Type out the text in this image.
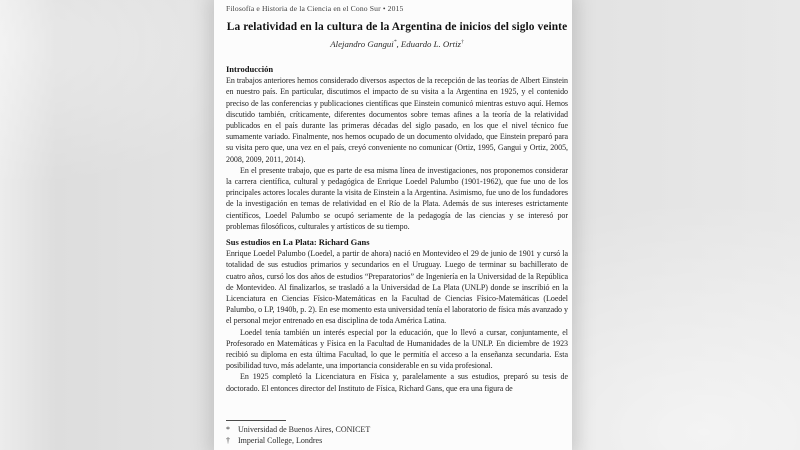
Filosofía e Historia de la Ciencia en el Cono Sur • 2015
La relatividad en la cultura de la Argentina de inicios del siglo veinte
Alejandro Gangui*, Eduardo L. Ortiz†
Introducción

En trabajos anteriores hemos considerado diversos aspectos de la recepción de las teorías de Albert Einstein en nuestro país. En particular, discutimos el impacto de su visita a la Argentina en 1925, y el contenido preciso de las conferencias y publicaciones científicas que Einstein comunicó mientras estuvo aquí. Hemos discutido también, críticamente, diferentes documentos sobre temas afines a la teoría de la relatividad publicados en el país durante las primeras décadas del siglo pasado, en los que el nivel técnico fue sumamente variado. Finalmente, nos hemos ocupado de un documento olvidado, que Einstein preparó para su visita pero que, una vez en el país, creyó conveniente no comunicar (Ortiz, 1995, Gangui y Ortiz, 2005, 2008, 2009, 2011, 2014).

En el presente trabajo, que es parte de esa misma línea de investigaciones, nos proponemos considerar la carrera científica, cultural y pedagógica de Enrique Loedel Palumbo (1901-1962), que fue uno de los principales actores locales durante la visita de Einstein a la Argentina. Asimismo, fue uno de los fundadores de la investigación en temas de relatividad en el Río de la Plata. Además de sus intereses estrictamente científicos, Loedel Palumbo se ocupó seriamente de la pedagogía de las ciencias y se interesó por problemas filosóficos, culturales y artísticos de su tiempo.

Sus estudios en La Plata: Richard Gans

Enrique Loedel Palumbo (Loedel, a partir de ahora) nació en Montevideo el 29 de junio de 1901 y cursó la totalidad de sus estudios primarios y secundarios en el Uruguay. Luego de terminar su bachillerato de cuatro años, cursó los dos años de estudios “Preparatorios” de Ingeniería en la Universidad de la República de Montevideo. Al finalizarlos, se trasladó a la Universidad de La Plata (UNLP) donde se inscribió en la Licenciatura en Ciencias Físico-Matemáticas en la Facultad de Ciencias Físico-Matemáticas (Loedel Palumbo, o LP, 1940b, p. 2). En ese momento esta universidad tenía el laboratorio de física más avanzado y el personal mejor entrenado en esa disciplina de toda América Latina.

Loedel tenía también un interés especial por la educación, que lo llevó a cursar, conjuntamente, el Profesorado en Matemáticas y Física en la Facultad de Humanidades de la UNLP. En diciembre de 1923 recibió su diploma en esta última Facultad, lo que le permitía el acceso a la enseñanza secundaria. Esta posibilidad tuvo, más adelante, una importancia considerable en su vida profesional.

En 1925 completó la Licenciatura en Física y, paralelamente a sus estudios, preparó su tesis de doctorado. El entonces director del Instituto de Física, Richard Gans, que era una figura de

*	Universidad de Buenos Aires, CONICET
†	Imperial College, Londres
